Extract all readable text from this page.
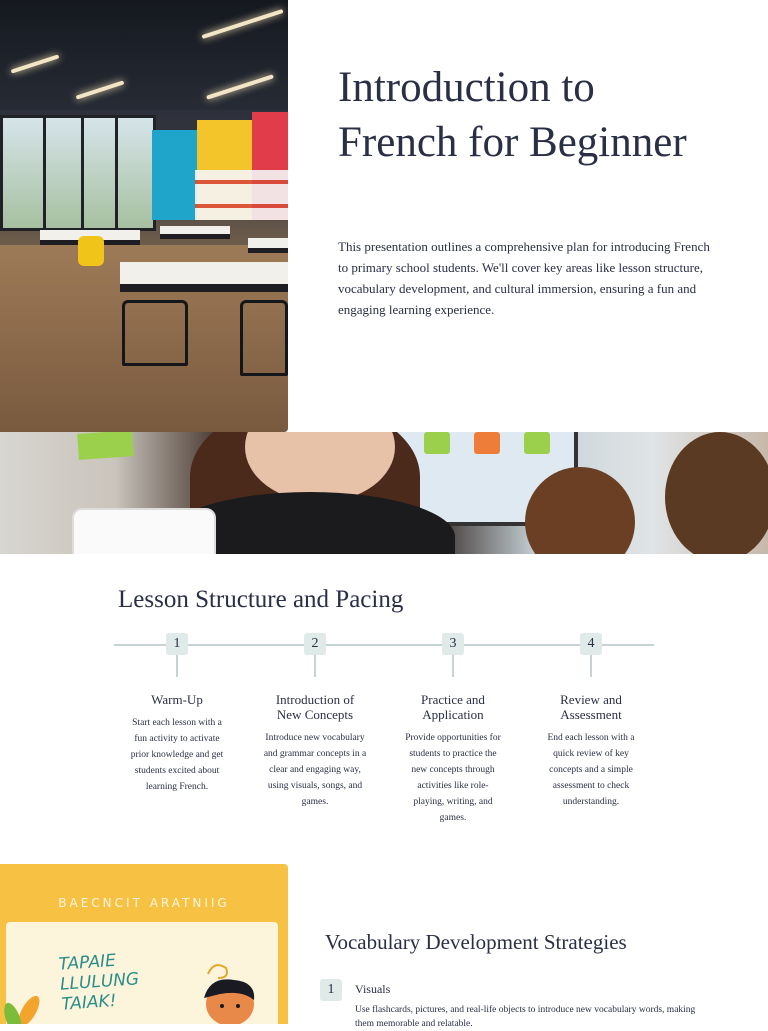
Introduction to
French for Beginner

This presentation outlines a comprehensive plan for introducing French to primary school students. We'll cover key areas like lesson structure, vocabulary development, and cultural immersion, ensuring a fun and engaging learning experience.

Lesson Structure and Pacing
1
Warm-Up
Start each lesson with a fun activity to activate prior knowledge and get students excited about learning French.
2
Introduction of New Concepts
Introduce new vocabulary and grammar concepts in a clear and engaging way, using visuals, songs, and games.
3
Practice and Application
Provide opportunities for students to practice the new concepts through activities like role-playing, writing, and games.
4
Review and Assessment
End each lesson with a quick review of key concepts and a simple assessment to check understanding.
BAECNCIT ARATNIIG
TAPAIE
LLULUNG
TAIAK!
Vocabulary Development Strategies
1	Visuals
Use flashcards, pictures, and real-life objects to introduce new vocabulary words, making them memorable and relatable.
